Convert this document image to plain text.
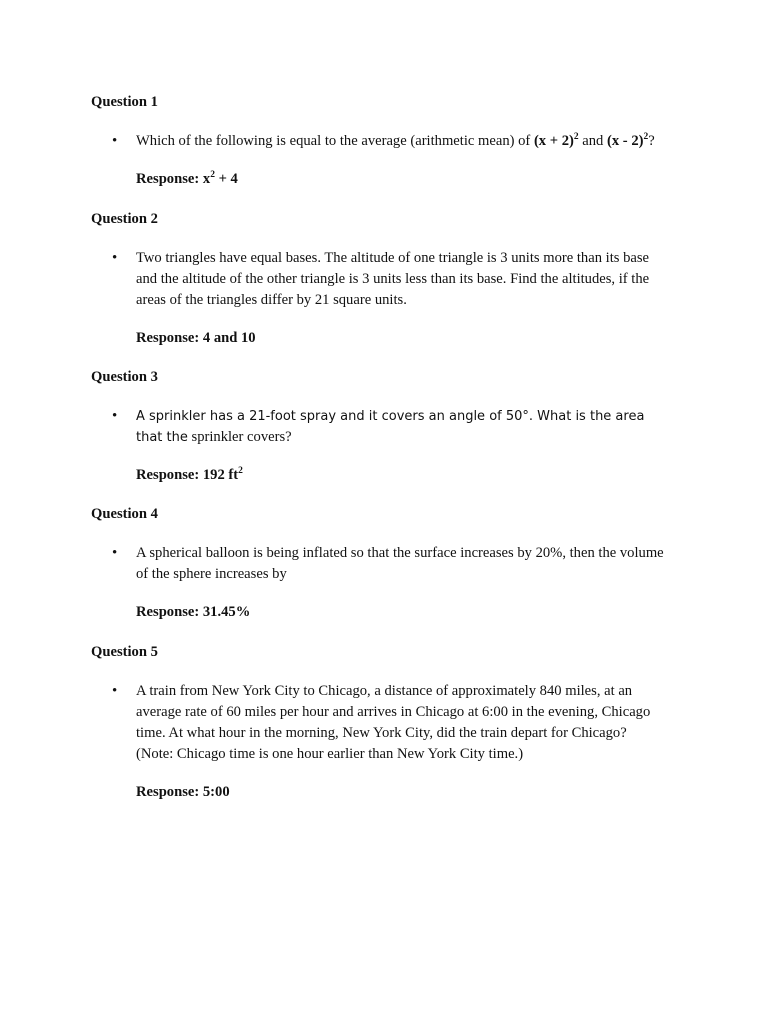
Question 1

• Which of the following is equal to the average (arithmetic mean) of $(x + 2)^2$ and (x - 2)$^2$?

Response: $x^2 + 4$

Question 2

• Two triangles have equal bases. The altitude of one triangle is 3 units more than its base and the altitude of the other triangle is 3 units less than its base. Find the altitudes, if the areas of the triangles differ by 21 square units.

Response: 4 and 10

Question 3

• A sprinkler has a 21-foot spray and it covers an angle of 50°. What is the area that the sprinkler covers?

Response: 192 $ft^2$

Question 4

• A spherical balloon is being inflated so that the surface increases by 20%, then the volume of the sphere increases by

Response: 31.45%

Question 5

• A train from New York City to Chicago, a distance of approximately 840 miles, at an average rate of 60 miles per hour and arrives in Chicago at 6:00 in the evening, Chicago time. At what hour in the morning, New York City, did the train depart for Chicago? (Note: Chicago time is one hour earlier than New York City time.)

Response: 5:00
